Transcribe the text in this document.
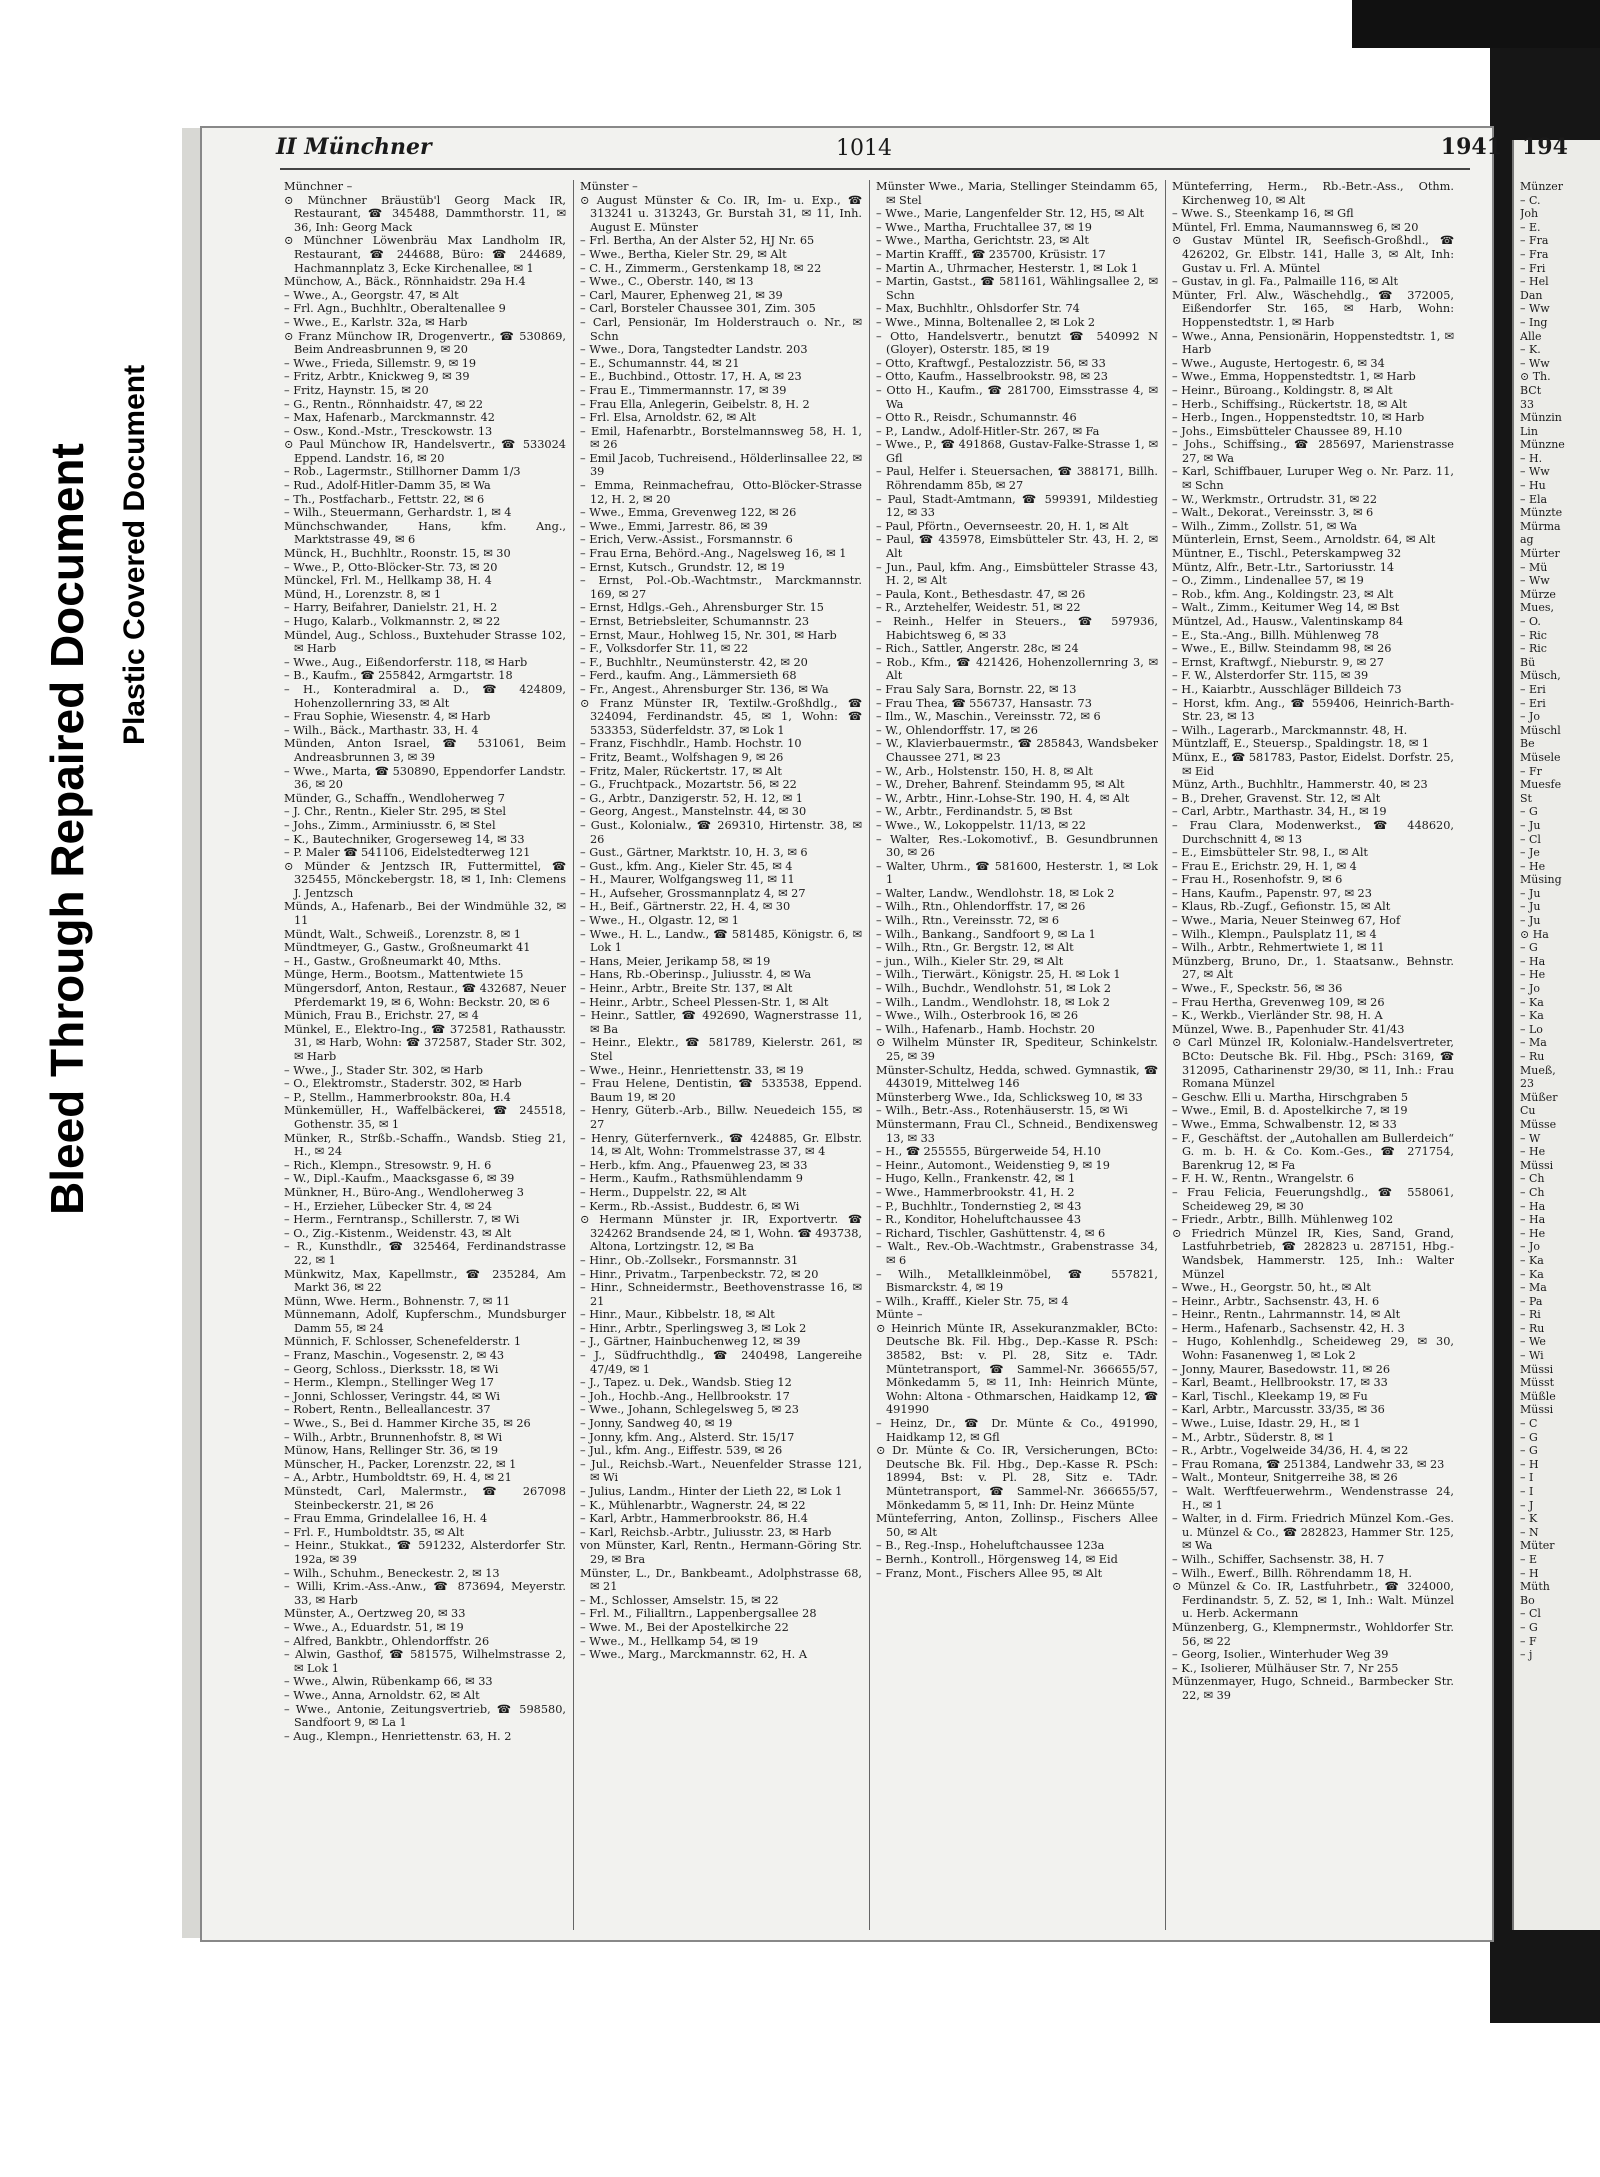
194
Münzer
– C.
Joh
– E.
– Fra
– Fra
– Fri
– Hel
Dan
– Ww
– Ing
Alle
– K.
– Ww
⊙ Th.
BCt
33
Münzin
Lin
Münzne
– H.
– Ww
– Hu
– Ela
Münzte
Mürma
ag
Mürter
– Mü
– Ww
Mürze
Mues,
– O.
– Ric
– Ric
Bü
Müsch,
– Eri
– Eri
– Jo
Müschl
Be
Müsele
– Fr
Muesfe
St
– G
– Ju
– Cl
– Je
– He
Müsing
– Ju
– Ju
– Ju
⊙ Ha
– G
– Ha
– He
– Jo
– Ka
– Ka
– Lo
– Ma
– Ru
Mueß,
23
Müßer
Cu
Müsse
– W
– He
Müssi
– Ch
– Ch
– Ha
– Ha
– He
– Jo
– Ka
– Ka
– Ma
– Pa
– Ri
– Ru
– We
– Wi
Müssi
Müsst
Müßle
Müssi
– C
– G
– G
– H
– I
– I
– J
– K
– N
Müter
– E
– H
Müth
Bo
– Cl
– G
– F
– j
Bleed Through Repaired Document Plastic Covered Document
II Münchner	1014	1941

Münchner –

⊙ Münchner Bräustüb'l Georg Mack IR, Restaurant, ☎ 345488, Dammthorstr. 11, ✉ 36, Inh: Georg Mack

⊙ Münchner Löwenbräu Max Landholm IR, Restaurant, ☎ 244688, Büro: ☎ 244689, Hachmannplatz 3, Ecke Kirchenallee, ✉ 1

Münchow, A., Bäck., Rönnhaidstr. 29a H.4

– Wwe., A., Georgstr. 47, ✉ Alt

– Frl. Agn., Buchhltr., Oberaltenallee 9

– Wwe., E., Karlstr. 32a, ✉ Harb

⊙ Franz Münchow IR, Drogenvertr., ☎ 530869, Beim Andreasbrunnen 9, ✉ 20

– Wwe., Frieda, Sillemstr. 9, ✉ 19

– Fritz, Arbtr., Knickweg 9, ✉ 39

– Fritz, Haynstr. 15, ✉ 20

– G., Rentn., Rönnhaidstr. 47, ✉ 22

– Max, Hafenarb., Marckmannstr. 42

– Osw., Kond.-Mstr., Tresckowstr. 13

⊙ Paul Münchow IR, Handelsvertr., ☎ 533024 Eppend. Landstr. 16, ✉ 20

– Rob., Lagermstr., Stillhorner Damm 1/3

– Rud., Adolf-Hitler-Damm 35, ✉ Wa

– Th., Postfacharb., Fettstr. 22, ✉ 6

– Wilh., Steuermann, Gerhardstr. 1, ✉ 4

Münchschwander, Hans, kfm. Ang., Marktstrasse 49, ✉ 6

Münck, H., Buchhltr., Roonstr. 15, ✉ 30

– Wwe., P., Otto-Blöcker-Str. 73, ✉ 20

Münckel, Frl. M., Hellkamp 38, H. 4

Münd, H., Lorenzstr. 8, ✉ 1

– Harry, Beifahrer, Danielstr. 21, H. 2

– Hugo, Kalarb., Volkmannstr. 2, ✉ 22

Mündel, Aug., Schloss., Buxtehuder Strasse 102, ✉ Harb

– Wwe., Aug., Eißendorferstr. 118, ✉ Harb

– B., Kaufm., ☎ 255842, Armgartstr. 18

– H., Konteradmiral a. D., ☎ 424809, Hohenzollernring 33, ✉ Alt

– Frau Sophie, Wiesenstr. 4, ✉ Harb

– Wilh., Bäck., Marthastr. 33, H. 4

Münden, Anton Israel, ☎ 531061, Beim Andreasbrunnen 3, ✉ 39

– Wwe., Marta, ☎ 530890, Eppendorfer Landstr. 36, ✉ 20

Münder, G., Schaffn., Wendloherweg 7

– J. Chr., Rentn., Kieler Str. 295, ✉ Stel

– Johs., Zimm., Arminiusstr. 6, ✉ Stel

– K., Bautechniker, Grogerseweg 14, ✉ 33

– P. Maler ☎ 541106, Eidelstedterweg 121

⊙ Münder & Jentzsch IR, Futtermittel, ☎ 325455, Mönckebergstr. 18, ✉ 1, Inh: Clemens J. Jentzsch

Münds, A., Hafenarb., Bei der Windmühle 32, ✉ 11

Mündt, Walt., Schweiß., Lorenzstr. 8, ✉ 1

Mündtmeyer, G., Gastw., Großneumarkt 41

– H., Gastw., Großneumarkt 40, Mths.

Münge, Herm., Bootsm., Mattentwiete 15

Müngersdorf, Anton, Restaur., ☎ 432687, Neuer Pferdemarkt 19, ✉ 6, Wohn: Beckstr. 20, ✉ 6

Münich, Frau B., Erichstr. 27, ✉ 4

Münkel, E., Elektro-Ing., ☎ 372581, Rathausstr. 31, ✉ Harb, Wohn: ☎ 372587, Stader Str. 302, ✉ Harb

– Wwe., J., Stader Str. 302, ✉ Harb

– O., Elektromstr., Staderstr. 302, ✉ Harb

– P., Stellm., Hammerbrookstr. 80a, H.4

Münkemüller, H., Waffelbäckerei, ☎ 245518, Gothenstr. 35, ✉ 1

Münker, R., Strßb.-Schaffn., Wandsb. Stieg 21, H., ✉ 24

– Rich., Klempn., Stresowstr. 9, H. 6

– W., Dipl.-Kaufm., Maacksgasse 6, ✉ 39

Münkner, H., Büro-Ang., Wendloherweg 3

– H., Erzieher, Lübecker Str. 4, ✉ 24

– Herm., Ferntransp., Schillerstr. 7, ✉ Wi

– O., Zig.-Kistenm., Weidenstr. 43, ✉ Alt

– R., Kunsthdlr., ☎ 325464, Ferdinandstrasse 22, ✉ 1

Münkwitz, Max, Kapellmstr., ☎ 235284, Am Markt 36, ✉ 22

Münn, Wwe. Herm., Bohnenstr. 7, ✉ 11

Münnemann, Adolf, Kupferschm., Mundsburger Damm 55, ✉ 24

Münnich, F. Schlosser, Schenefelderstr. 1

– Franz, Maschin., Vogesenstr. 2, ✉ 43

– Georg, Schloss., Dierksstr. 18, ✉ Wi

– Herm., Klempn., Stellinger Weg 17

– Jonni, Schlosser, Veringstr. 44, ✉ Wi

– Robert, Rentn., Belleallancestr. 37

– Wwe., S., Bei d. Hammer Kirche 35, ✉ 26

– Wilh., Arbtr., Brunnenhofstr. 8, ✉ Wi

Münow, Hans, Rellinger Str. 36, ✉ 19

Münscher, H., Packer, Lorenzstr. 22, ✉ 1

– A., Arbtr., Humboldtstr. 69, H. 4, ✉ 21

Münstedt, Carl, Malermstr., ☎ 267098 Steinbeckerstr. 21, ✉ 26

– Frau Emma, Grindelallee 16, H. 4

– Frl. F., Humboldtstr. 35, ✉ Alt

– Heinr., Stukkat., ☎ 591232, Alsterdorfer Str. 192a, ✉ 39

– Wilh., Schuhm., Beneckestr. 2, ✉ 13

– Willi, Krim.-Ass.-Anw., ☎ 873694, Meyerstr. 33, ✉ Harb

Münster, A., Oertzweg 20, ✉ 33

– Wwe., A., Eduardstr. 51, ✉ 19

– Alfred, Bankbtr., Ohlendorffstr. 26

– Alwin, Gasthof, ☎ 581575, Wilhelmstrasse 2, ✉ Lok 1

– Wwe., Alwin, Rübenkamp 66, ✉ 33

– Wwe., Anna, Arnoldstr. 62, ✉ Alt

– Wwe., Antonie, Zeitungsvertrieb, ☎ 598580, Sandfoort 9, ✉ La 1

– Aug., Klempn., Henriettenstr. 63, H. 2

Münster –

⊙ August Münster & Co. IR, Im- u. Exp., ☎ 313241 u. 313243, Gr. Burstah 31, ✉ 11, Inh. August E. Münster

– Frl. Bertha, An der Alster 52, HJ Nr. 65

– Wwe., Bertha, Kieler Str. 29, ✉ Alt

– C. H., Zimmerm., Gerstenkamp 18, ✉ 22

– Wwe., C., Oberstr. 140, ✉ 13

– Carl, Maurer, Ephenweg 21, ✉ 39

– Carl, Borsteler Chaussee 301, Zim. 305

– Carl, Pensionär, Im Holderstrauch o. Nr., ✉ Schn

– Wwe., Dora, Tangstedter Landstr. 203

– E., Schumannstr. 44, ✉ 21

– E., Buchbind., Ottostr. 17, H. A, ✉ 23

– Frau E., Timmermannstr. 17, ✉ 39

– Frau Ella, Anlegerin, Geibelstr. 8, H. 2

– Frl. Elsa, Arnoldstr. 62, ✉ Alt

– Emil, Hafenarbtr., Borstelmannsweg 58, H. 1, ✉ 26

– Emil Jacob, Tuchreisend., Hölderlinsallee 22, ✉ 39

– Emma, Reinmachefrau, Otto-Blöcker-Strasse 12, H. 2, ✉ 20

– Wwe., Emma, Grevenweg 122, ✉ 26

– Wwe., Emmi, Jarrestr. 86, ✉ 39

– Erich, Verw.-Assist., Forsmannstr. 6

– Frau Erna, Behörd.-Ang., Nagelsweg 16, ✉ 1

– Ernst, Kutsch., Grundstr. 12, ✉ 19

– Ernst, Pol.-Ob.-Wachtmstr., Marckmannstr. 169, ✉ 27

– Ernst, Hdlgs.-Geh., Ahrensburger Str. 15

– Ernst, Betriebsleiter, Schumannstr. 23

– Ernst, Maur., Hohlweg 15, Nr. 301, ✉ Harb

– F., Volksdorfer Str. 11, ✉ 22

– F., Buchhltr., Neumünsterstr. 42, ✉ 20

– Ferd., kaufm. Ang., Lämmersieth 68

– Fr., Angest., Ahrensburger Str. 136, ✉ Wa

⊙ Franz Münster IR, Textilw.-Großhdlg., ☎ 324094, Ferdinandstr. 45, ✉ 1, Wohn: ☎ 533353, Süderfeldstr. 37, ✉ Lok 1

– Franz, Fischhdlr., Hamb. Hochstr. 10

– Fritz, Beamt., Wolfshagen 9, ✉ 26

– Fritz, Maler, Rückertstr. 17, ✉ Alt

– G., Fruchtpack., Mozartstr. 56, ✉ 22

– G., Arbtr., Danzigerstr. 52, H. 12, ✉ 1

– Georg, Angest., Manstelnstr. 44, ✉ 30

– Gust., Kolonialw., ☎ 269310, Hirtenstr. 38, ✉ 26

– Gust., Gärtner, Marktstr. 10, H. 3, ✉ 6

– Gust., kfm. Ang., Kieler Str. 45, ✉ 4

– H., Maurer, Wolfgangsweg 11, ✉ 11

– H., Aufseher, Grossmannplatz 4, ✉ 27

– H., Beif., Gärtnerstr. 22, H. 4, ✉ 30

– Wwe., H., Olgastr. 12, ✉ 1

– Wwe., H. L., Landw., ☎ 581485, Königstr. 6, ✉ Lok 1

– Hans, Meier, Jerikamp 58, ✉ 19

– Hans, Rb.-Oberinsp., Juliusstr. 4, ✉ Wa

– Heinr., Arbtr., Breite Str. 137, ✉ Alt

– Heinr., Arbtr., Scheel Plessen-Str. 1, ✉ Alt

– Heinr., Sattler, ☎ 492690, Wagnerstrasse 11, ✉ Ba

– Heinr., Elektr., ☎ 581789, Kielerstr. 261, ✉ Stel

– Wwe., Heinr., Henriettenstr. 33, ✉ 19

– Frau Helene, Dentistin, ☎ 533538, Eppend. Baum 19, ✉ 20

– Henry, Güterb.-Arb., Billw. Neuedeich 155, ✉ 27

– Henry, Güterfernverk., ☎ 424885, Gr. Elbstr. 14, ✉ Alt, Wohn: Trommelstrasse 37, ✉ 4

– Herb., kfm. Ang., Pfauenweg 23, ✉ 33

– Herm., Kaufm., Rathsmühlendamm 9

– Herm., Duppelstr. 22, ✉ Alt

– Kerm., Rb.-Assist., Buddestr. 6, ✉ Wi

⊙ Hermann Münster jr. IR, Exportvertr. ☎ 324262 Brandsende 24, ✉ 1, Wohn. ☎ 493738, Altona, Lortzingstr. 12, ✉ Ba

– Hinr., Ob.-Zollsekr., Forsmannstr. 31

– Hinr., Privatm., Tarpenbeckstr. 72, ✉ 20

– Hinr., Schneidermstr., Beethovenstrasse 16, ✉ 21

– Hinr., Maur., Kibbelstr. 18, ✉ Alt

– Hinr., Arbtr., Sperlingsweg 3, ✉ Lok 2

– J., Gärtner, Hainbuchenweg 12, ✉ 39

– J., Südfruchthdlg., ☎ 240498, Langereihe 47/49, ✉ 1

– J., Tapez. u. Dek., Wandsb. Stieg 12

– Joh., Hochb.-Ang., Hellbrookstr. 17

– Wwe., Johann, Schlegelsweg 5, ✉ 23

– Jonny, Sandweg 40, ✉ 19

– Jonny, kfm. Ang., Alsterd. Str. 15/17

– Jul., kfm. Ang., Eiffestr. 539, ✉ 26

– Jul., Reichsb.-Wart., Neuenfelder Strasse 121, ✉ Wi

– Julius, Landm., Hinter der Lieth 22, ✉ Lok 1

– K., Mühlenarbtr., Wagnerstr. 24, ✉ 22

– Karl, Arbtr., Hammerbrookstr. 86, H.4

– Karl, Reichsb.-Arbtr., Juliusstr. 23, ✉ Harb

von Münster, Karl, Rentn., Hermann-Göring Str. 29, ✉ Bra

Münster, L., Dr., Bankbeamt., Adolphstrasse 68, ✉ 21

– M., Schlosser, Amselstr. 15, ✉ 22

– Frl. M., Filialltrn., Lappenbergsallee 28

– Wwe. M., Bei der Apostelkirche 22

– Wwe., M., Hellkamp 54, ✉ 19

– Wwe., Marg., Marckmannstr. 62, H. A

Münster Wwe., Maria, Stellinger Steindamm 65, ✉ Stel

– Wwe., Marie, Langenfelder Str. 12, H5, ✉ Alt

– Wwe., Martha, Fruchtallee 37, ✉ 19

– Wwe., Martha, Gerichtstr. 23, ✉ Alt

– Martin Krafff., ☎ 235700, Krüsistr. 17

– Martin A., Uhrmacher, Hesterstr. 1, ✉ Lok 1

– Martin, Gastst., ☎ 581161, Wählingsallee 2, ✉ Schn

– Max, Buchhltr., Ohlsdorfer Str. 74

– Wwe., Minna, Boltenallee 2, ✉ Lok 2

– Otto, Handelsvertr., benutzt ☎ 540992 N (Gloyer), Osterstr. 185, ✉ 19

– Otto, Kraftwgf., Pestalozzistr. 56, ✉ 33

– Otto, Kaufm., Hasselbrookstr. 98, ✉ 23

– Otto H., Kaufm., ☎ 281700, Eimsstrasse 4, ✉ Wa

– Otto R., Reisdr., Schumannstr. 46

– P., Landw., Adolf-Hitler-Str. 267, ✉ Fa

– Wwe., P., ☎ 491868, Gustav-Falke-Strasse 1, ✉ Gfl

– Paul, Helfer i. Steuersachen, ☎ 388171, Billh. Röhrendamm 85b, ✉ 27

– Paul, Stadt-Amtmann, ☎ 599391, Mildestieg 12, ✉ 33

– Paul, Pförtn., Oevernseestr. 20, H. 1, ✉ Alt

– Paul, ☎ 435978, Eimsbütteler Str. 43, H. 2, ✉ Alt

– Jun., Paul, kfm. Ang., Eimsbütteler Strasse 43, H. 2, ✉ Alt

– Paula, Kont., Bethesdastr. 47, ✉ 26

– R., Arztehelfer, Weidestr. 51, ✉ 22

– Reinh., Helfer in Steuers., ☎ 597936, Habichtsweg 6, ✉ 33

– Rich., Sattler, Angerstr. 28c, ✉ 24

– Rob., Kfm., ☎ 421426, Hohenzollernring 3, ✉ Alt

– Frau Saly Sara, Bornstr. 22, ✉ 13

– Frau Thea, ☎ 556737, Hansastr. 73

– Ilm., W., Maschin., Vereinsstr. 72, ✉ 6

– W., Ohlendorffstr. 17, ✉ 26

– W., Klavierbauermstr., ☎ 285843, Wandsbeker Chaussee 271, ✉ 23

– W., Arb., Holstenstr. 150, H. 8, ✉ Alt

– W., Dreher, Bahrenf. Steindamm 95, ✉ Alt

– W., Arbtr., Hinr.-Lohse-Str. 190, H. 4, ✉ Alt

– W., Arbtr., Ferdinandstr. 5, ✉ Bst

– Wwe., W., Lokoppelstr. 11/13, ✉ 22

– Walter, Res.-Lokomotivf., B. Gesundbrunnen 30, ✉ 26

– Walter, Uhrm., ☎ 581600, Hesterstr. 1, ✉ Lok 1

– Walter, Landw., Wendlohstr. 18, ✉ Lok 2

– Wilh., Rtn., Ohlendorffstr. 17, ✉ 26

– Wilh., Rtn., Vereinsstr. 72, ✉ 6

– Wilh., Bankang., Sandfoort 9, ✉ La 1

– Wilh., Rtn., Gr. Bergstr. 12, ✉ Alt

– jun., Wilh., Kieler Str. 29, ✉ Alt

– Wilh., Tierwärt., Königstr. 25, H. ✉ Lok 1

– Wilh., Buchdr., Wendlohstr. 51, ✉ Lok 2

– Wilh., Landm., Wendlohstr. 18, ✉ Lok 2

– Wwe., Wilh., Osterbrook 16, ✉ 26

– Wilh., Hafenarb., Hamb. Hochstr. 20

⊙ Wilhelm Münster IR, Spediteur, Schinkelstr. 25, ✉ 39

Münster-Schultz, Hedda, schwed. Gymnastik, ☎ 443019, Mittelweg 146

Münsterberg Wwe., Ida, Schlicksweg 10, ✉ 33

– Wilh., Betr.-Ass., Rotenhäuserstr. 15, ✉ Wi

Münstermann, Frau Cl., Schneid., Bendixensweg 13, ✉ 33

– H., ☎ 255555, Bürgerweide 54, H.10

– Heinr., Automont., Weidenstieg 9, ✉ 19

– Hugo, Kelln., Frankenstr. 42, ✉ 1

– Wwe., Hammerbrookstr. 41, H. 2

– P., Buchhltr., Tondernstieg 2, ✉ 43

– R., Konditor, Hoheluftchaussee 43

– Richard, Tischler, Gashüttenstr. 4, ✉ 6

– Walt., Rev.-Ob.-Wachtmstr., Grabenstrasse 34, ✉ 6

– Wilh., Metallkleinmöbel, ☎ 557821, Bismarckstr. 4, ✉ 19

– Wilh., Krafff., Kieler Str. 75, ✉ 4

Münte –

⊙ Heinrich Münte IR, Assekuranzmakler, BCto: Deutsche Bk. Fil. Hbg., Dep.-Kasse R. PSch: 38582, Bst: v. Pl. 28, Sitz e. TAdr. Müntetransport, ☎ Sammel-Nr. 366655/57, Mönkedamm 5, ✉ 11, Inh: Heinrich Münte, Wohn: Altona - Othmarschen, Haidkamp 12, ☎ 491990

– Heinz, Dr., ☎ Dr. Münte & Co., 491990, Haidkamp 12, ✉ Gfl

⊙ Dr. Münte & Co. IR, Versicherungen, BCto: Deutsche Bk. Fil. Hbg., Dep.-Kasse R. PSch: 18994, Bst: v. Pl. 28, Sitz e. TAdr. Müntetransport, ☎ Sammel-Nr. 366655/57, Mönkedamm 5, ✉ 11, Inh: Dr. Heinz Münte

Münteferring, Anton, Zollinsp., Fischers Allee 50, ✉ Alt

– B., Reg.-Insp., Hoheluftchaussee 123a

– Bernh., Kontroll., Hörgensweg 14, ✉ Eid

– Franz, Mont., Fischers Allee 95, ✉ Alt

Münteferring, Herm., Rb.-Betr.-Ass., Othm. Kirchenweg 10, ✉ Alt

– Wwe. S., Steenkamp 16, ✉ Gfl

Müntel, Frl. Emma, Naumannsweg 6, ✉ 20

⊙ Gustav Müntel IR, Seefisch-Großhdl., ☎ 426202, Gr. Elbstr. 141, Halle 3, ✉ Alt, Inh: Gustav u. Frl. A. Müntel

– Gustav, in gl. Fa., Palmaille 116, ✉ Alt

Münter, Frl. Alw., Wäschehdlg., ☎ 372005, Eißendorfer Str. 165, ✉ Harb, Wohn: Hoppenstedtstr. 1, ✉ Harb

– Wwe., Anna, Pensionärin, Hoppenstedtstr. 1, ✉ Harb

– Wwe., Auguste, Hertogestr. 6, ✉ 34

– Wwe., Emma, Hoppenstedtstr. 1, ✉ Harb

– Heinr., Büroang., Koldingstr. 8, ✉ Alt

– Herb., Schiffsing., Rückertstr. 18, ✉ Alt

– Herb., Ingen., Hoppenstedtstr. 10, ✉ Harb

– Johs., Eimsbütteler Chaussee 89, H.10

– Johs., Schiffsing., ☎ 285697, Marienstrasse 27, ✉ Wa

– Karl, Schiffbauer, Luruper Weg o. Nr. Parz. 11, ✉ Schn

– W., Werkmstr., Ortrudstr. 31, ✉ 22

– Walt., Dekorat., Vereinsstr. 3, ✉ 6

– Wilh., Zimm., Zollstr. 51, ✉ Wa

Münterlein, Ernst, Seem., Arnoldstr. 64, ✉ Alt

Müntner, E., Tischl., Peterskampweg 32

Müntz, Alfr., Betr.-Ltr., Sartoriusstr. 14

– O., Zimm., Lindenallee 57, ✉ 19

– Rob., kfm. Ang., Koldingstr. 23, ✉ Alt

– Walt., Zimm., Keitumer Weg 14, ✉ Bst

Müntzel, Ad., Hausw., Valentinskamp 84

– E., Sta.-Ang., Billh. Mühlenweg 78

– Wwe., E., Billw. Steindamm 98, ✉ 26

– Ernst, Kraftwgf., Nieburstr. 9, ✉ 27

– F. W., Alsterdorfer Str. 115, ✉ 39

– H., Kaiarbtr., Ausschläger Billdeich 73

– Horst, kfm. Ang., ☎ 559406, Heinrich-Barth-Str. 23, ✉ 13

– Wilh., Lagerarb., Marckmannstr. 48, H.

Müntzlaff, E., Steuersp., Spaldingstr. 18, ✉ 1

Münx, E., ☎ 581783, Pastor, Eidelst. Dorfstr. 25, ✉ Eid

Münz, Arth., Buchhltr., Hammerstr. 40, ✉ 23

– B., Dreher, Gravenst. Str. 12, ✉ Alt

– Carl, Arbtr., Marthastr. 34, H., ✉ 19

– Frau Clara, Modenwerkst., ☎ 448620, Durchschnitt 4, ✉ 13

– E., Eimsbütteler Str. 98, I., ✉ Alt

– Frau E., Erichstr. 29, H. 1, ✉ 4

– Frau H., Rosenhofstr. 9, ✉ 6

– Hans, Kaufm., Papenstr. 97, ✉ 23

– Klaus, Rb.-Zugf., Gefionstr. 15, ✉ Alt

– Wwe., Maria, Neuer Steinweg 67, Hof

– Wilh., Klempn., Paulsplatz 11, ✉ 4

– Wilh., Arbtr., Rehmertwiete 1, ✉ 11

Münzberg, Bruno, Dr., 1. Staatsanw., Behnstr. 27, ✉ Alt

– Wwe., F., Speckstr. 56, ✉ 36

– Frau Hertha, Grevenweg 109, ✉ 26

– K., Werkb., Vierländer Str. 98, H. A

Münzel, Wwe. B., Papenhuder Str. 41/43

⊙ Carl Münzel IR, Kolonialw.-Handelsvertreter, BCto: Deutsche Bk. Fil. Hbg., PSch: 3169, ☎ 312095, Catharinenstr 29/30, ✉ 11, Inh.: Frau Romana Münzel

– Geschw. Elli u. Martha, Hirschgraben 5

– Wwe., Emil, B. d. Apostelkirche 7, ✉ 19

– Wwe., Emma, Schwalbenstr. 12, ✉ 33

– F., Geschäftst. der „Autohallen am Bullerdeich“ G. m. b. H. & Co. Kom.-Ges., ☎ 271754, Barenkrug 12, ✉ Fa

– F. H. W., Rentn., Wrangelstr. 6

– Frau Felicia, Feuerungshdlg., ☎ 558061, Scheideweg 29, ✉ 30

– Friedr., Arbtr., Billh. Mühlenweg 102

⊙ Friedrich Münzel IR, Kies, Sand, Grand, Lastfuhrbetrieb, ☎ 282823 u. 287151, Hbg.-Wandsbek, Hammerstr. 125, Inh.: Walter Münzel

– Wwe., H., Georgstr. 50, ht., ✉ Alt

– Heinr., Arbtr., Sachsenstr. 43, H. 6

– Heinr., Rentn., Lahrmannstr. 14, ✉ Alt

– Herm., Hafenarb., Sachsenstr. 42, H. 3

– Hugo, Kohlenhdlg., Scheideweg 29, ✉ 30, Wohn: Fasanenweg 1, ✉ Lok 2

– Jonny, Maurer, Basedowstr. 11, ✉ 26

– Karl, Beamt., Hellbrookstr. 17, ✉ 33

– Karl, Tischl., Kleekamp 19, ✉ Fu

– Karl, Arbtr., Marcusstr. 33/35, ✉ 36

– Wwe., Luise, Idastr. 29, H., ✉ 1

– M., Arbtr., Süderstr. 8, ✉ 1

– R., Arbtr., Vogelweide 34/36, H. 4, ✉ 22

– Frau Romana, ☎ 251384, Landwehr 33, ✉ 23

– Walt., Monteur, Snitgerreihe 38, ✉ 26

– Walt. Werftfeuerwehrm., Wendenstrasse 24, H., ✉ 1

– Walter, in d. Firm. Friedrich Münzel Kom.-Ges. u. Münzel & Co., ☎ 282823, Hammer Str. 125, ✉ Wa

– Wilh., Schiffer, Sachsenstr. 38, H. 7

– Wilh., Ewerf., Billh. Röhrendamm 18, H.

⊙ Münzel & Co. IR, Lastfuhrbetr., ☎ 324000, Ferdinandstr. 5, Z. 52, ✉ 1, Inh.: Walt. Münzel u. Herb. Ackermann

Münzenberg, G., Klempnermstr., Wohldorfer Str. 56, ✉ 22

– Georg, Isolier., Winterhuder Weg 39

– K., Isolierer, Mülhäuser Str. 7, Nr 255

Münzenmayer, Hugo, Schneid., Barmbecker Str. 22, ✉ 39
